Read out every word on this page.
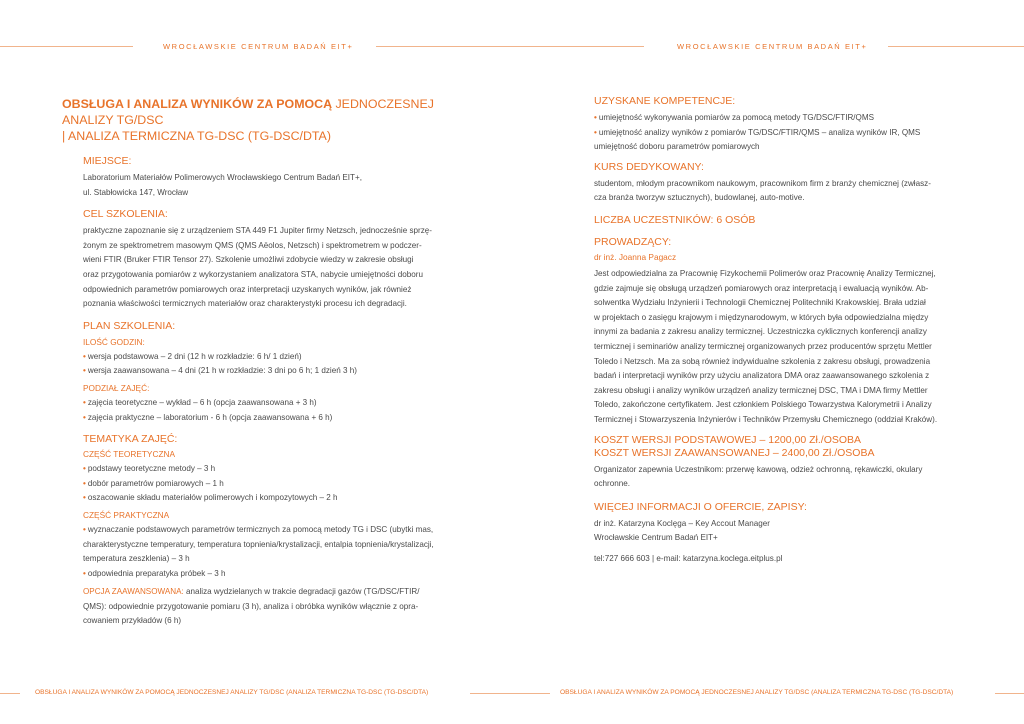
WROCŁAWSKIE CENTRUM BADAŃ EIT+	WROCŁAWSKIE CENTRUM BADAŃ EIT+
OBSŁUGA I ANALIZA WYNIKÓW ZA POMOCĄ JEDNOCZESNEJ ANALIZY TG/DSC
| ANALIZA TERMICZNA TG-DSC (TG-DSC/DTA)
MIEJSCE:

Laboratorium Materiałów Polimerowych Wrocławskiego Centrum Badań EIT+,

ul. Stabłowicka 147, Wrocław

CEL SZKOLENIA:

praktyczne zapoznanie się z urządzeniem STA 449 F1 Jupiter firmy Netzsch, jednocześnie sprzę-

żonym ze spektrometrem masowym QMS (QMS Aëolos, Netzsch) i spektrometrem w podczer-

wieni FTIR (Bruker FTIR Tensor 27). Szkolenie umożliwi zdobycie wiedzy w zakresie obsługi

oraz przygotowania pomiarów z wykorzystaniem analizatora STA, nabycie umiejętności doboru

odpowiednich parametrów pomiarowych oraz interpretacji uzyskanych wyników, jak również

poznania właściwości termicznych materiałów oraz charakterystyki procesu ich degradacji.

PLAN SZKOLENIA:
ILOŚĆ GODZIN:

• wersja podstawowa – 2 dni (12 h w rozkładzie: 6 h/ 1 dzień)

• wersja zaawansowana – 4 dni (21 h w rozkładzie: 3 dni po 6 h; 1 dzień 3 h)

PODZIAŁ ZAJĘĆ:

• zajęcia teoretyczne – wykład – 6 h (opcja zaawansowana + 3 h)

• zajęcia praktyczne – laboratorium - 6 h (opcja zaawansowana + 6 h)

TEMATYKA ZAJĘĆ:
CZĘŚĆ TEORETYCZNA

• podstawy teoretyczne metody – 3 h

• dobór parametrów pomiarowych – 1 h

• oszacowanie składu materiałów polimerowych i kompozytowych – 2 h

CZĘŚĆ PRAKTYCZNA

• wyznaczanie podstawowych parametrów termicznych za pomocą metody TG i DSC (ubytki mas,

charakterystyczne temperatury, temperatura topnienia/krystalizacji, entalpia topnienia/krystalizacji,

temperatura zeszklenia) – 3 h

• odpowiednia preparatyka próbek – 3 h

OPCJA ZAAWANSOWANA: analiza wydzielanych w trakcie degradacji gazów (TG/DSC/FTIR/

QMS): odpowiednie przygotowanie pomiaru (3 h), analiza i obróbka wyników włącznie z opra-

cowaniem przykładów (6 h)

UZYSKANE KOMPETENCJE:

• umiejętność wykonywania pomiarów za pomocą metody TG/DSC/FTIR/QMS

• umiejętność analizy wyników z pomiarów TG/DSC/FTIR/QMS – analiza wyników IR, QMS

umiejętność doboru parametrów pomiarowych

KURS DEDYKOWANY:

studentom, młodym pracownikom naukowym, pracownikom firm z branży chemicznej (zwłasz-

cza branża tworzyw sztucznych), budowlanej, auto-motive.

LICZBA UCZESTNIKÓW: 6 OSÓB
PROWADZĄCY:
dr inż. Joanna Pagacz

Jest odpowiedzialna za Pracownię Fizykochemii Polimerów oraz Pracownię Analizy Termicznej,

gdzie zajmuje się obsługą urządzeń pomiarowych oraz interpretacją i ewaluacją wyników. Ab-

solwentka Wydziału Inżynierii i Technologii Chemicznej Politechniki Krakowskiej. Brała udział

w projektach o zasięgu krajowym i międzynarodowym, w których była odpowiedzialna między

innymi za badania z zakresu analizy termicznej. Uczestniczka cyklicznych konferencji analizy

termicznej i seminariów analizy termicznej organizowanych przez producentów sprzętu Mettler

Toledo i Netzsch. Ma za sobą również indywidualne szkolenia z zakresu obsługi, prowadzenia

badań i interpretacji wyników przy użyciu analizatora DMA oraz zaawansowanego szkolenia z

zakresu obsługi i analizy wyników urządzeń analizy termicznej DSC, TMA i DMA firmy Mettler

Toledo, zakończone certyfikatem. Jest członkiem Polskiego Towarzystwa Kalorymetrii i Analizy

Termicznej i Stowarzyszenia Inżynierów i Techników Przemysłu Chemicznego (oddział Kraków).

KOSZT WERSJI PODSTAWOWEJ – 1200,00 Zł./OSOBA
KOSZT WERSJI ZAAWANSOWANEJ – 2400,00 Zł./OSOBA

Organizator zapewnia Uczestnikom: przerwę kawową, odzież ochronną, rękawiczki, okulary

ochronne.

WIĘCEJ INFORMACJI O OFERCIE, ZAPISY:

dr inż. Katarzyna Koclęga – Key Accout Manager

Wrocławskie Centrum Badań EIT+

tel:727 666 603 | e-mail: katarzyna.koclega.eitplus.pl

OBSŁUGA I ANALIZA WYNIKÓW ZA POMOCĄ JEDNOCZESNEJ ANALIZY TG/DSC (ANALIZA TERMICZNA TG-DSC (TG-DSC/DTA)	OBSŁUGA I ANALIZA WYNIKÓW ZA POMOCĄ JEDNOCZESNEJ ANALIZY TG/DSC (ANALIZA TERMICZNA TG-DSC (TG-DSC/DTA)
